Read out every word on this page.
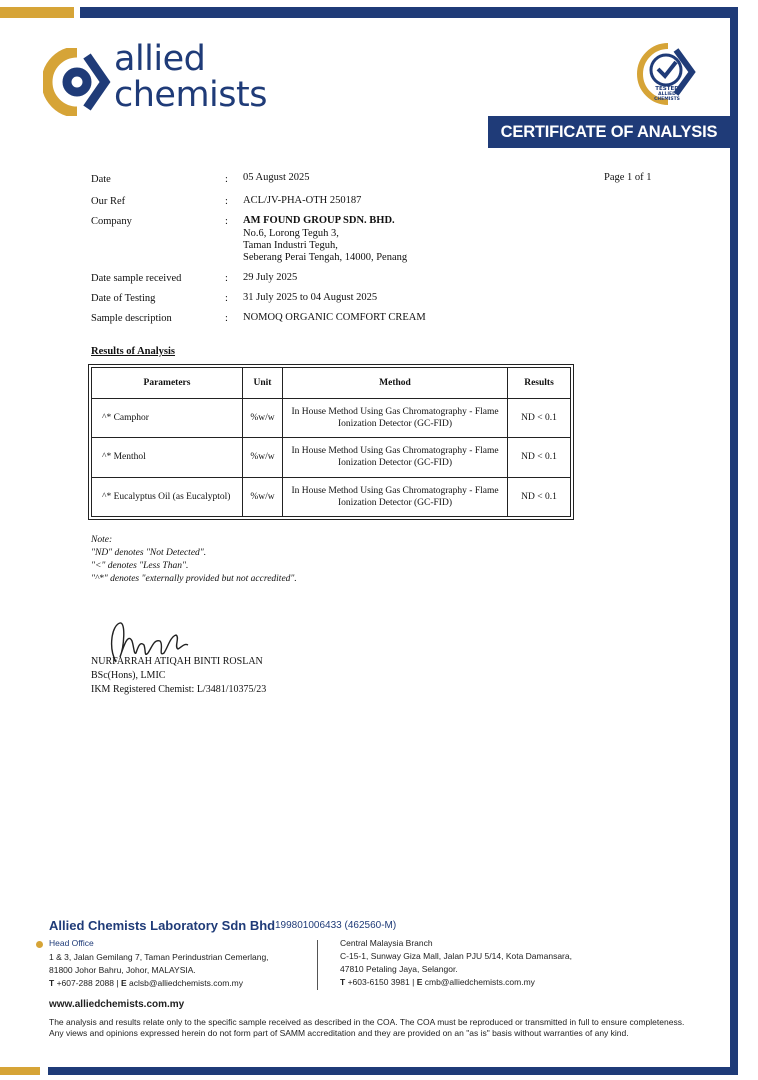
allied
chemists	TESTED
ALLIED
CHEMISTS
CERTIFICATE OF ANALYSIS
Page 1 of 1
Date	: 05 August 2025
Our Ref	: ACL/JV-PHA-OTH 250187
Company	: AM FOUND GROUP SDN. BHD.
No.6, Lorong Teguh 3,
Taman Industri Teguh,
Seberang Perai Tengah, 14000, Penang
Date sample received	: 29 July 2025
Date of Testing	: 31 July 2025 to 04 August 2025
Sample description	: NOMOQ ORGANIC COMFORT CREAM
Results of Analysis
Parameters	Unit	Method	Results
^* Camphor	%w/w	In House Method Using Gas Chromatography - Flame
Ionization Detector (GC-FID)	ND < 0.1
^* Menthol	%w/w	In House Method Using Gas Chromatography - Flame
Ionization Detector (GC-FID)	ND < 0.1
^* Eucalyptus Oil (as Eucalyptol)	%w/w	In House Method Using Gas Chromatography - Flame
Ionization Detector (GC-FID)	ND < 0.1
Note:
"ND" denotes "Not Detected".
"<" denotes "Less Than".
"^*" denotes "externally provided but not accredited".
NURFARRAH ATIQAH BINTI ROSLAN
BSc(Hons), LMIC
IKM Registered Chemist: L/3481/10375/23
Allied Chemists Laboratory Sdn Bhd 199801006433 (462560-M)
Head Office
1 & 3, Jalan Gemilang 7, Taman Perindustrian Cemerlang,
81800 Johor Bahru, Johor, MALAYSIA.
T +607-288 2088 | E aclsb@alliedchemists.com.my
Central Malaysia Branch
C-15-1, Sunway Giza Mall, Jalan PJU 5/14, Kota Damansara,
47810 Petaling Jaya, Selangor.
T +603-6150 3981 | E cmb@alliedchemists.com.my
www.alliedchemists.com.my
The analysis and results relate only to the specific sample received as described in the COA. The COA must be reproduced or transmitted in full to ensure completeness. Any views and opinions expressed herein do not form part of SAMM accreditation and they are provided on an "as is" basis without warranties of any kind.
